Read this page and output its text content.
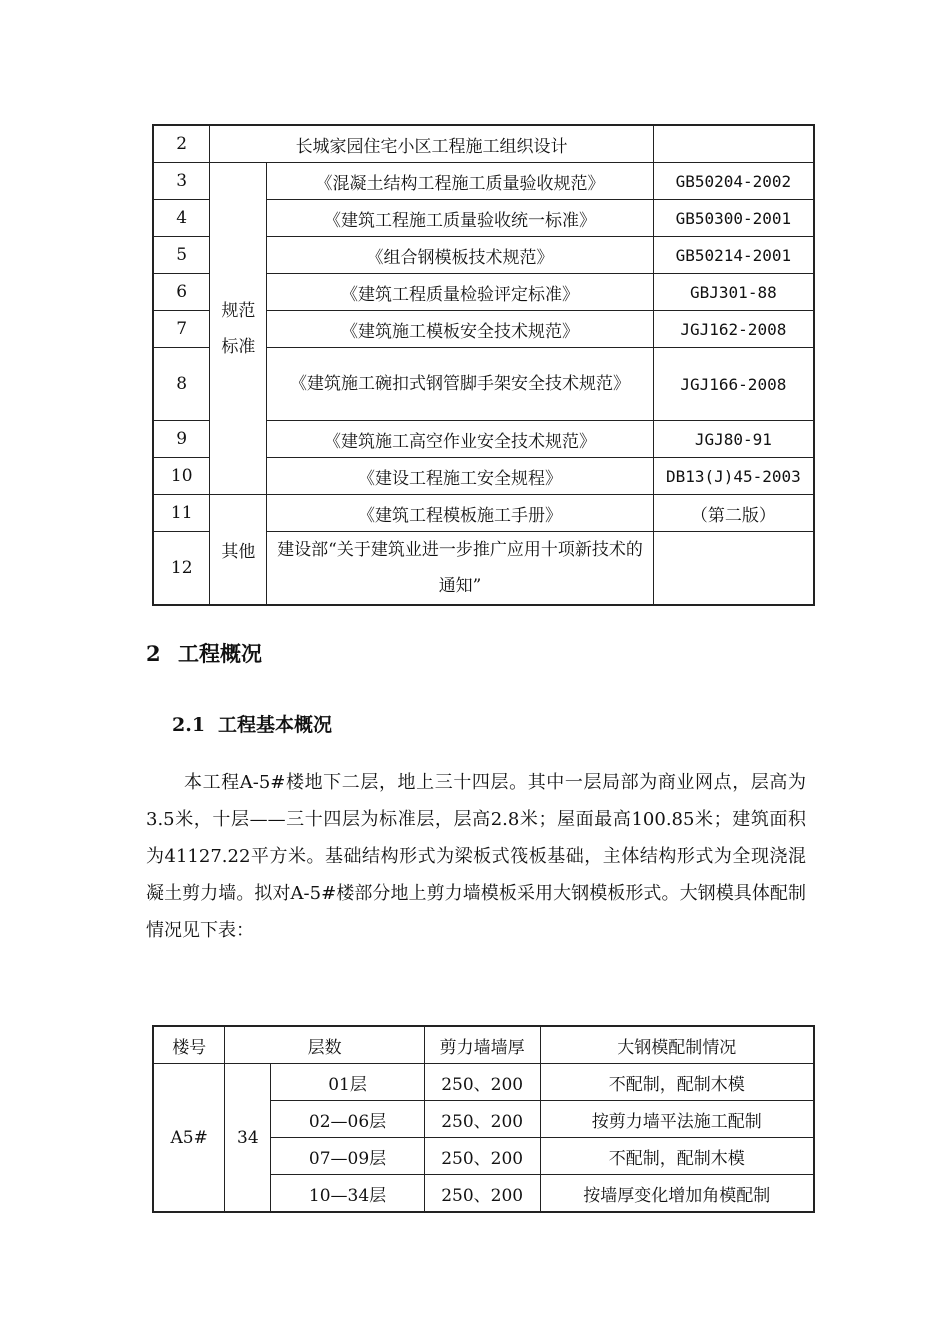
2	长城家园住宅小区工程施工组织设计		
3	规范标准	《混凝土结构工程施工质量验收规范》	GB50204-2002
4		《建筑工程施工质量验收统一标准》	GB50300-2001
5		《组合钢模板技术规范》	GB50214-2001
6		《建筑工程质量检验评定标准》	GBJ301-88
7		《建筑施工模板安全技术规范》	JGJ162-2008
8		《建筑施工碗扣式钢管脚手架安全技术规范》	JGJ166-2008
9		《建筑施工高空作业安全技术规范》	JGJ80-91
10		《建设工程施工安全规程》	DB13(J)45-2003
11	其他	《建筑工程模板施工手册》	（第二版）
12		建设部“关于建筑业进一步推广应用十项新技术的通知”	
2 工程概况
2.1 工程基本概况

本工程A-5#楼地下二层，地上三十四层。其中一层局部为商业网点，层高为3.5米，十层——三十四层为标准层，层高2.8米；屋面最高100.85米；建筑面积为41127.22平方米。基础结构形式为梁板式筏板基础，主体结构形式为全现浇混凝土剪力墙。拟对A-5#楼部分地上剪力墙模板采用大钢模板形式。大钢模具体配制情况见下表：

楼号	层数		剪力墙墙厚	大钢模配制情况
A5#	34	01层	250、200	不配制，配制木模
		02—06层	250、200	按剪力墙平法施工配制
		07—09层	250、200	不配制，配制木模
		10—34层	250、200	按墙厚变化增加角模配制
